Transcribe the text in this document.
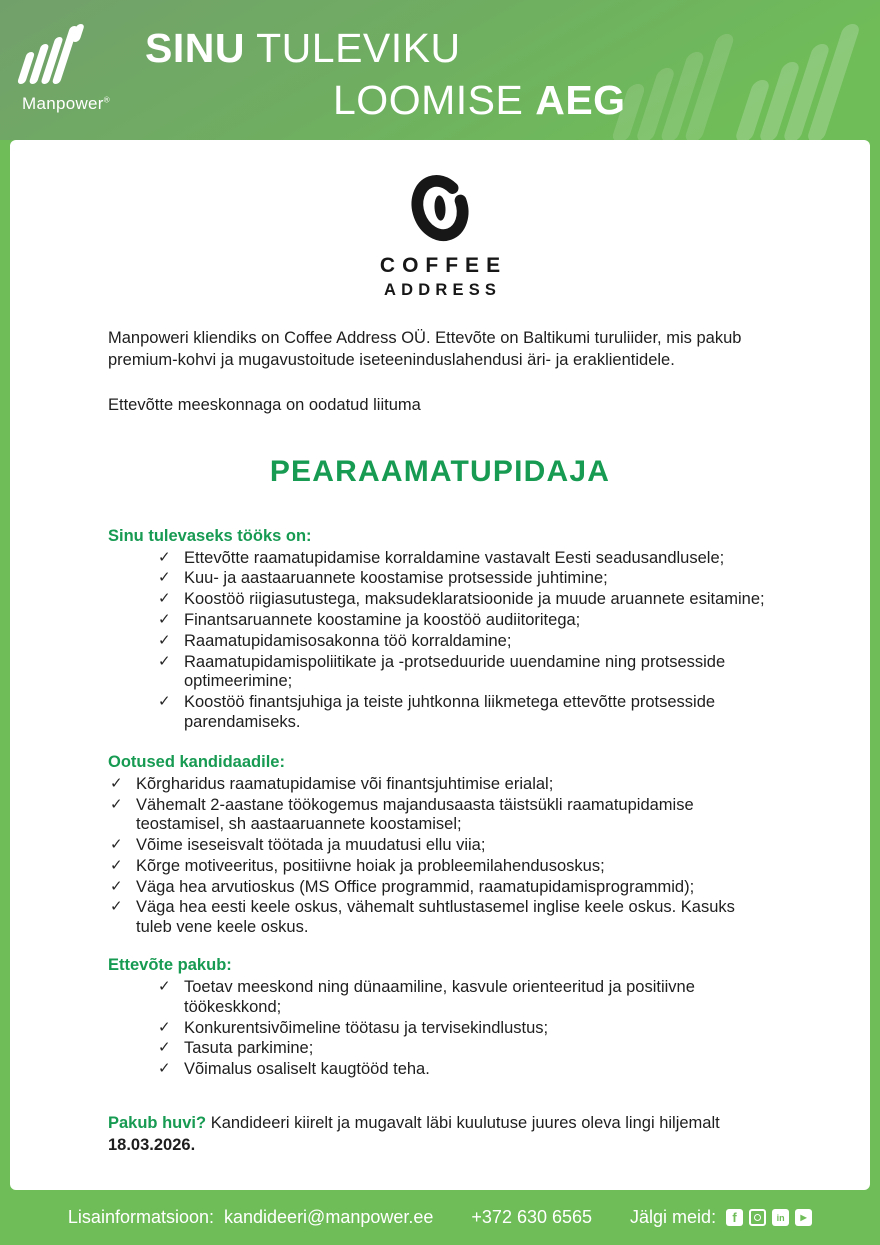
Manpower®
SINU TULEVIKU
LOOMISE AEG
COFFEE
ADDRESS

Manpoweri kliendiks on Coffee Address OÜ. Ettevõte on Baltikumi turuliider, mis pakub premium-kohvi ja mugavustoitude iseteeninduslahendusi äri- ja eraklientidele.

Ettevõtte meeskonnaga on oodatud liituma

PEARAAMATUPIDAJA
Sinu tulevaseks tööks on:
✓ Ettevõtte raamatupidamise korraldamine vastavalt Eesti seadusandlusele;
✓ Kuu- ja aastaaruannete koostamise protsesside juhtimine;
✓ Koostöö riigiasutustega, maksudeklaratsioonide ja muude aruannete esitamine;
✓ Finantsaruannete koostamine ja koostöö audiitoritega;
✓ Raamatupidamisosakonna töö korraldamine;
✓ Raamatupidamispoliitikate ja -protseduuride uuendamine ning protsesside optimeerimine;
✓ Koostöö finantsjuhiga ja teiste juhtkonna liikmetega ettevõtte protsesside parendamiseks.
Ootused kandidaadile:
✓ Kõrgharidus raamatupidamise või finantsjuhtimise erialal;
✓ Vähemalt 2-aastane töökogemus majandusaasta täistsükli raamatupidamise teostamisel, sh aastaaruannete koostamisel;
✓ Võime iseseisvalt töötada ja muudatusi ellu viia;
✓ Kõrge motiveeritus, positiivne hoiak ja probleemilahendusoskus;
✓ Väga hea arvutioskus (MS Office programmid, raamatupidamisprogrammid);
✓ Väga hea eesti keele oskus, vähemalt suhtlustasemel inglise keele oskus. Kasuks tuleb vene keele oskus.
Ettevõte pakub:
✓ Toetav meeskond ning dünaamiline, kasvule orienteeritud ja positiivne töökeskkond;
✓ Konkurentsivõimeline töötasu ja tervisekindlustus;
✓ Tasuta parkimine;
✓ Võimalus osaliselt kaugtööd teha.

Pakub huvi? Kandideeri kiirelt ja mugavalt läbi kuulutuse juures oleva lingi hiljemalt

18.03.2026.
Lisainformatsioon: kandideeri@manpower.ee +372 630 6565 Jälgi meid:	f	in	▶
